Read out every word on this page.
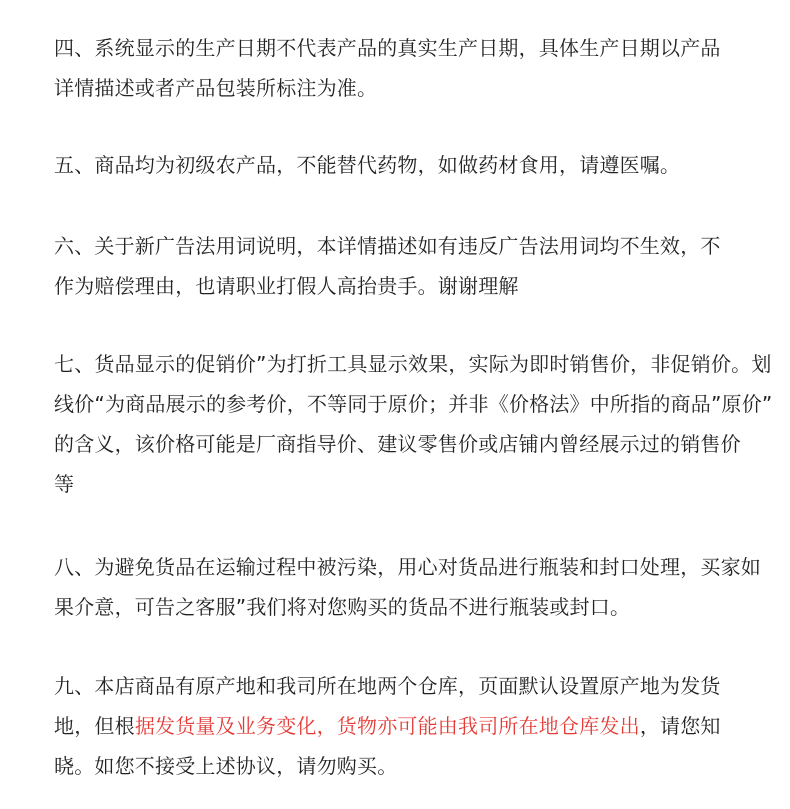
四、系统显示的生产日期不代表产品的真实生产日期，具体生产日期以产品
详情描述或者产品包装所标注为准。

五、商品均为初级农产品，不能替代药物，如做药材食用，请遵医嘱。

六、关于新广告法用词说明，本详情描述如有违反广告法用词均不生效，不
作为赔偿理由，也请职业打假人高抬贵手。谢谢理解

七、货品显示的促销价”为打折工具显示效果，实际为即时销售价，非促销价。划
线价“为商品展示的参考价，不等同于原价；并非《价格法》中所指的商品”原价”
的含义，该价格可能是厂商指导价、建议零售价或店铺内曾经展示过的销售价
等

八、为避免货品在运输过程中被污染，用心对货品进行瓶装和封口处理，买家如
果介意，可告之客服”我们将对您购买的货品不进行瓶装或封口。

九、本店商品有原产地和我司所在地两个仓库，页面默认设置原产地为发货
地，但根据发货量及业务变化，货物亦可能由我司所在地仓库发出，请您知
晓。如您不接受上述协议，请勿购买。
